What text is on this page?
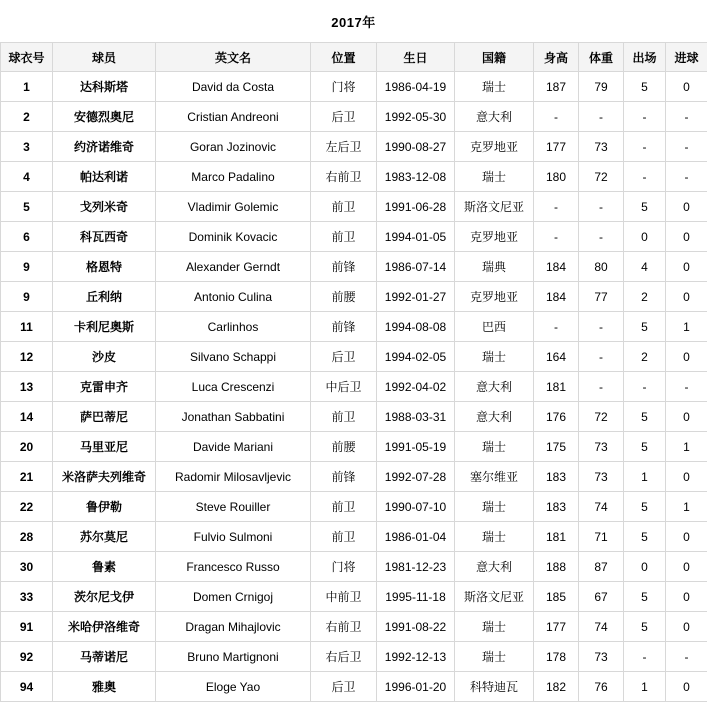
2017年
球衣号	球员	英文名	位置	生日	国籍	身高	体重	出场	进球
1	达科斯塔	David da Costa	门将	1986-04-19	瑞士	187	79	5	0
2	安德烈奥尼	Cristian Andreoni	后卫	1992-05-30	意大利	-	-	-	-
3	约济诺维奇	Goran Jozinovic	左后卫	1990-08-27	克罗地亚	177	73	-	-
4	帕达利诺	Marco Padalino	右前卫	1983-12-08	瑞士	180	72	-	-
5	戈列米奇	Vladimir Golemic	前卫	1991-06-28	斯洛文尼亚	-	-	5	0
6	科瓦西奇	Dominik Kovacic	前卫	1994-01-05	克罗地亚	-	-	0	0
9	格恩特	Alexander Gerndt	前锋	1986-07-14	瑞典	184	80	4	0
9	丘利纳	Antonio Culina	前腰	1992-01-27	克罗地亚	184	77	2	0
11	卡利尼奥斯	Carlinhos	前锋	1994-08-08	巴西	-	-	5	1
12	沙皮	Silvano Schappi	后卫	1994-02-05	瑞士	164	-	2	0
13	克雷申齐	Luca Crescenzi	中后卫	1992-04-02	意大利	181	-	-	-
14	萨巴蒂尼	Jonathan Sabbatini	前卫	1988-03-31	意大利	176	72	5	0
20	马里亚尼	Davide Mariani	前腰	1991-05-19	瑞士	175	73	5	1
21	米洛萨夫列维奇	Radomir Milosavljevic	前锋	1992-07-28	塞尔维亚	183	73	1	0
22	鲁伊勒	Steve Rouiller	前卫	1990-07-10	瑞士	183	74	5	1
28	苏尔莫尼	Fulvio Sulmoni	前卫	1986-01-04	瑞士	181	71	5	0
30	鲁素	Francesco Russo	门将	1981-12-23	意大利	188	87	0	0
33	茨尔尼戈伊	Domen Crnigoj	中前卫	1995-11-18	斯洛文尼亚	185	67	5	0
91	米哈伊洛维奇	Dragan Mihajlovic	右前卫	1991-08-22	瑞士	177	74	5	0
92	马蒂诺尼	Bruno Martignoni	右后卫	1992-12-13	瑞士	178	73	-	-
94	雅奥	Eloge Yao	后卫	1996-01-20	科特迪瓦	182	76	1	0
